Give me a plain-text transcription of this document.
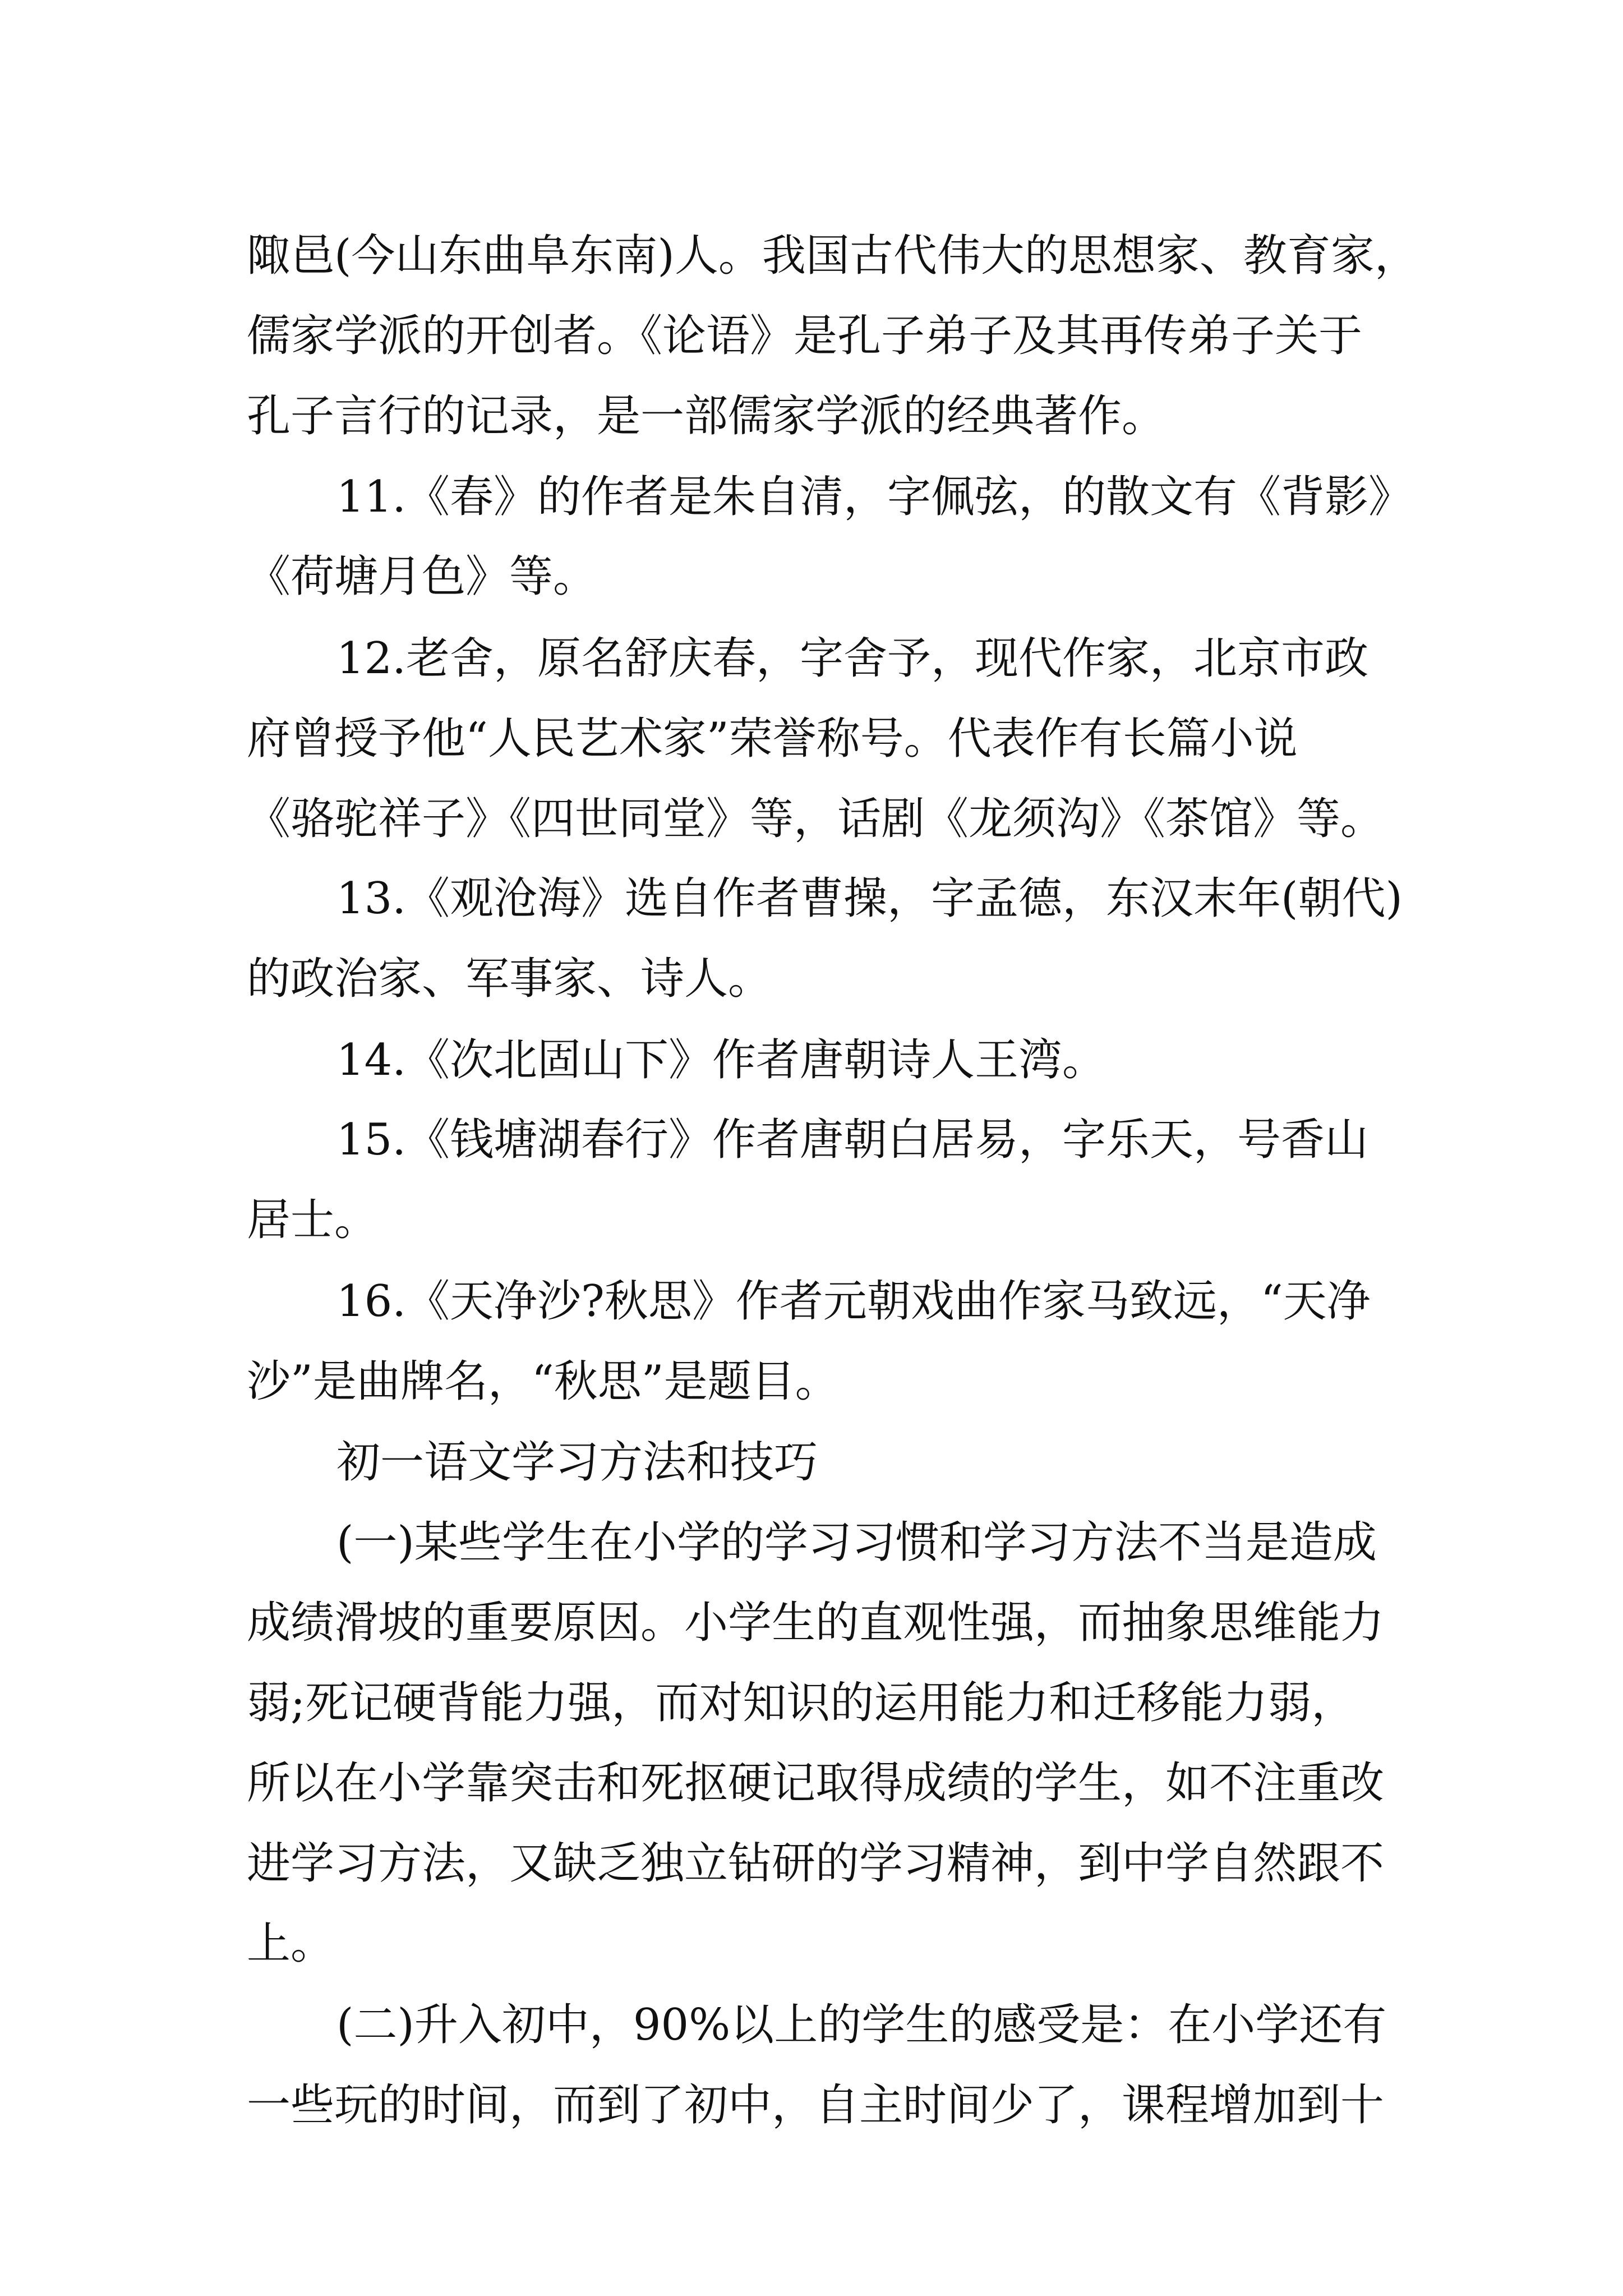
陬邑(今山东曲阜东南)人。我国古代伟大的思想家、教育家，
儒家学派的开创者。《论语》是孔子弟子及其再传弟子关于
孔子言行的记录，是一部儒家学派的经典著作。
11.《春》的作者是朱自清，字佩弦，的散文有《背影》
《荷塘月色》等。
12.老舍，原名舒庆春，字舍予，现代作家，北京市政
府曾授予他“人民艺术家”荣誉称号。代表作有长篇小说
《骆驼祥子》《四世同堂》等，话剧《龙须沟》《茶馆》等。
13.《观沧海》选自作者曹操，字孟德，东汉末年(朝代)
的政治家、军事家、诗人。
14.《次北固山下》作者唐朝诗人王湾。
15.《钱塘湖春行》作者唐朝白居易，字乐天，号香山
居士。
16.《天净沙?秋思》作者元朝戏曲作家马致远，“天净
沙”是曲牌名，“秋思”是题目。
初一语文学习方法和技巧
(一)某些学生在小学的学习习惯和学习方法不当是造成
成绩滑坡的重要原因。小学生的直观性强，而抽象思维能力
弱;死记硬背能力强，而对知识的运用能力和迁移能力弱，
所以在小学靠突击和死抠硬记取得成绩的学生，如不注重改
进学习方法，又缺乏独立钻研的学习精神，到中学自然跟不
上。
(二)升入初中，90%以上的学生的感受是：在小学还有
一些玩的时间，而到了初中，自主时间少了，课程增加到十
